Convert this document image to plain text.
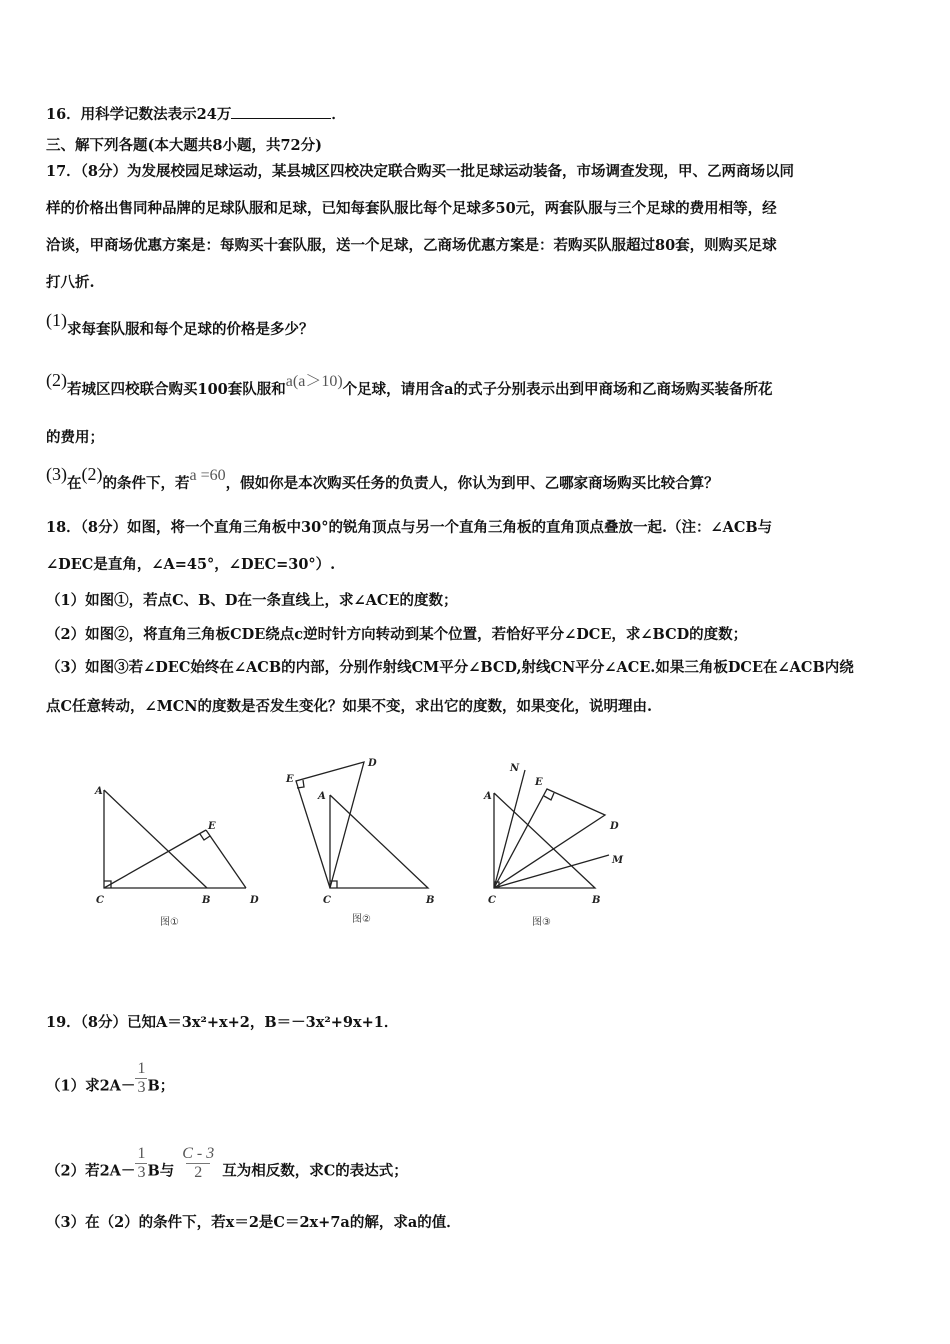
16．用科学记数法表示24万	．
三、解下列各题(本大题共8小题，共72分)
17．（8分）为发展校园足球运动，某县城区四校决定联合购买一批足球运动装备，市场调查发现，甲、乙两商场以同
样的价格出售同种品牌的足球队服和足球，已知每套队服比每个足球多50元，两套队服与三个足球的费用相等，经
洽谈，甲商场优惠方案是：每购买十套队服，送一个足球，乙商场优惠方案是：若购买队服超过80套，则购买足球
打八折.
(1)求每套队服和每个足球的价格是多少？
(2)若城区四校联合购买100套队服和a(a＞10)个足球，请用含a的式子分别表示出到甲商场和乙商场购买装备所花
的费用；
(3)在(2)的条件下，若a =60，假如你是本次购买任务的负责人，你认为到甲、乙哪家商场购买比较合算？
18．（8分）如图，将一个直角三角板中30°的锐角顶点与另一个直角三角板的直角顶点叠放一起.（注：∠ACB与
∠DEC是直角，∠A=45°，∠DEC=30°）.
（1）如图①，若点C、B、D在一条直线上，求∠ACE的度数；
（2）如图②，将直角三角板CDE绕点c逆时针方向转动到某个位置，若恰好平分∠DCE，求∠BCD的度数；
（3）如图③若∠DEC始终在∠ACB的内部，分别作射线CM平分∠BCD,射线CN平分∠ACE.如果三角板DCE在∠ACB内绕
点C任意转动，∠MCN的度数是否发生变化？如果不变，求出它的度数，如果变化，说明理由.
A
C	B	D
E
图①
E
D
A
C	B
图②
N
E
A
D
M
C	B
图③
19．（8分）已知A＝3x²+x+2，B＝－3x²+9x+1．
（1）求$2A- \frac{1}{3}$ B；
（2）若$2A- \frac{1}{3}$ B与 $\frac{C - 3}{2}$ 互为相反数，求C的表达式；
（3）在（2）的条件下，若x＝2是C＝2x+7a的解，求a的值．
